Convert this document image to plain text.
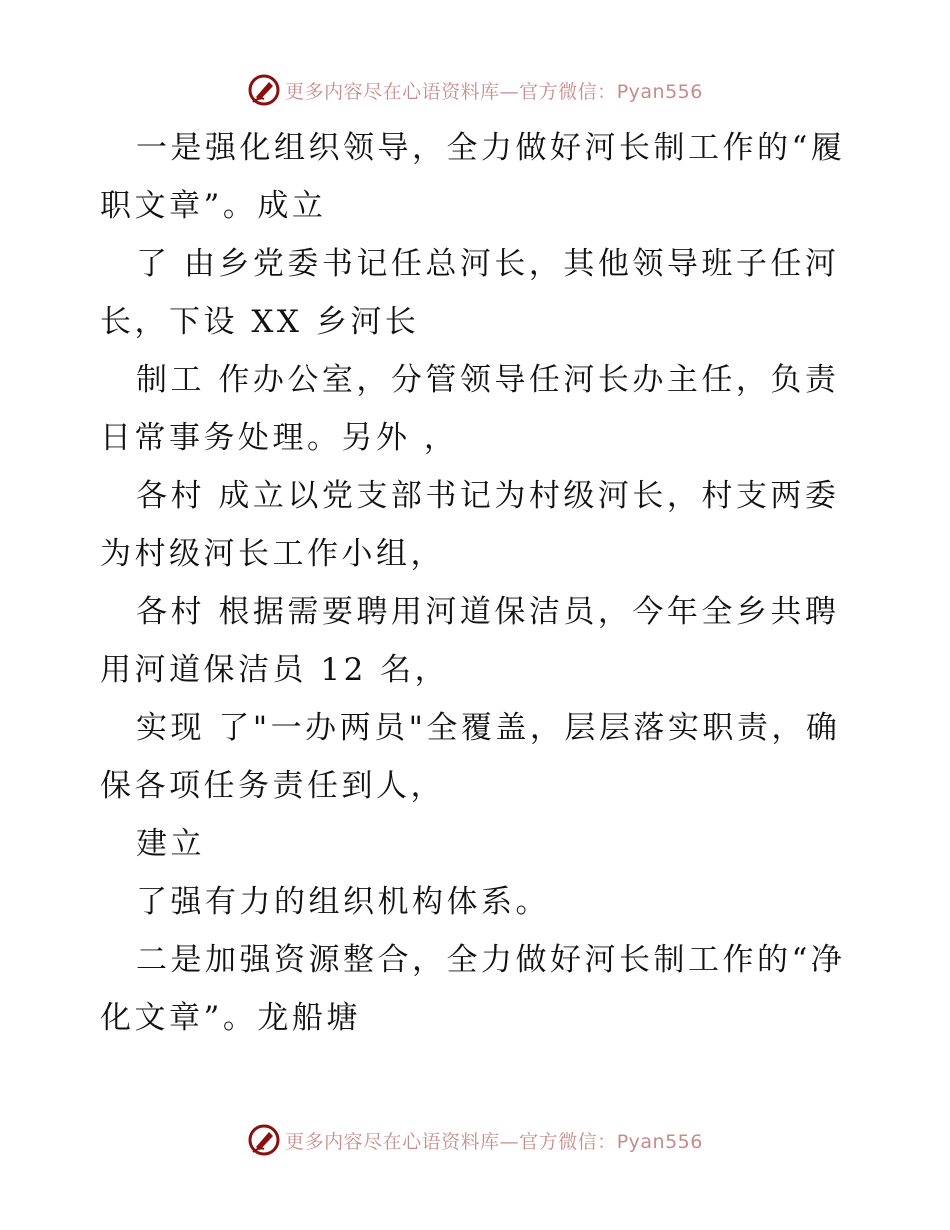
更多内容尽在心语资料库—官方微信：Pyan556
一是强化组织领导，全力做好河长制工作的“履
职文章”。成立
了 由乡党委书记任总河长，其他领导班子任河
长，下设 XX 乡河长
制工 作办公室，分管领导任河长办主任，负责
日常事务处理。另外 ，
各村 成立以党支部书记为村级河长，村支两委
为村级河长工作小组，
各村 根据需要聘用河道保洁员，今年全乡共聘
用河道保洁员 12 名，
实现 了"一办两员"全覆盖，层层落实职责，确
保各项任务责任到人，
建立
了强有力的组织机构体系。
二是加强资源整合，全力做好河长制工作的“净
化文章”。龙船塘
更多内容尽在心语资料库—官方微信：Pyan556
